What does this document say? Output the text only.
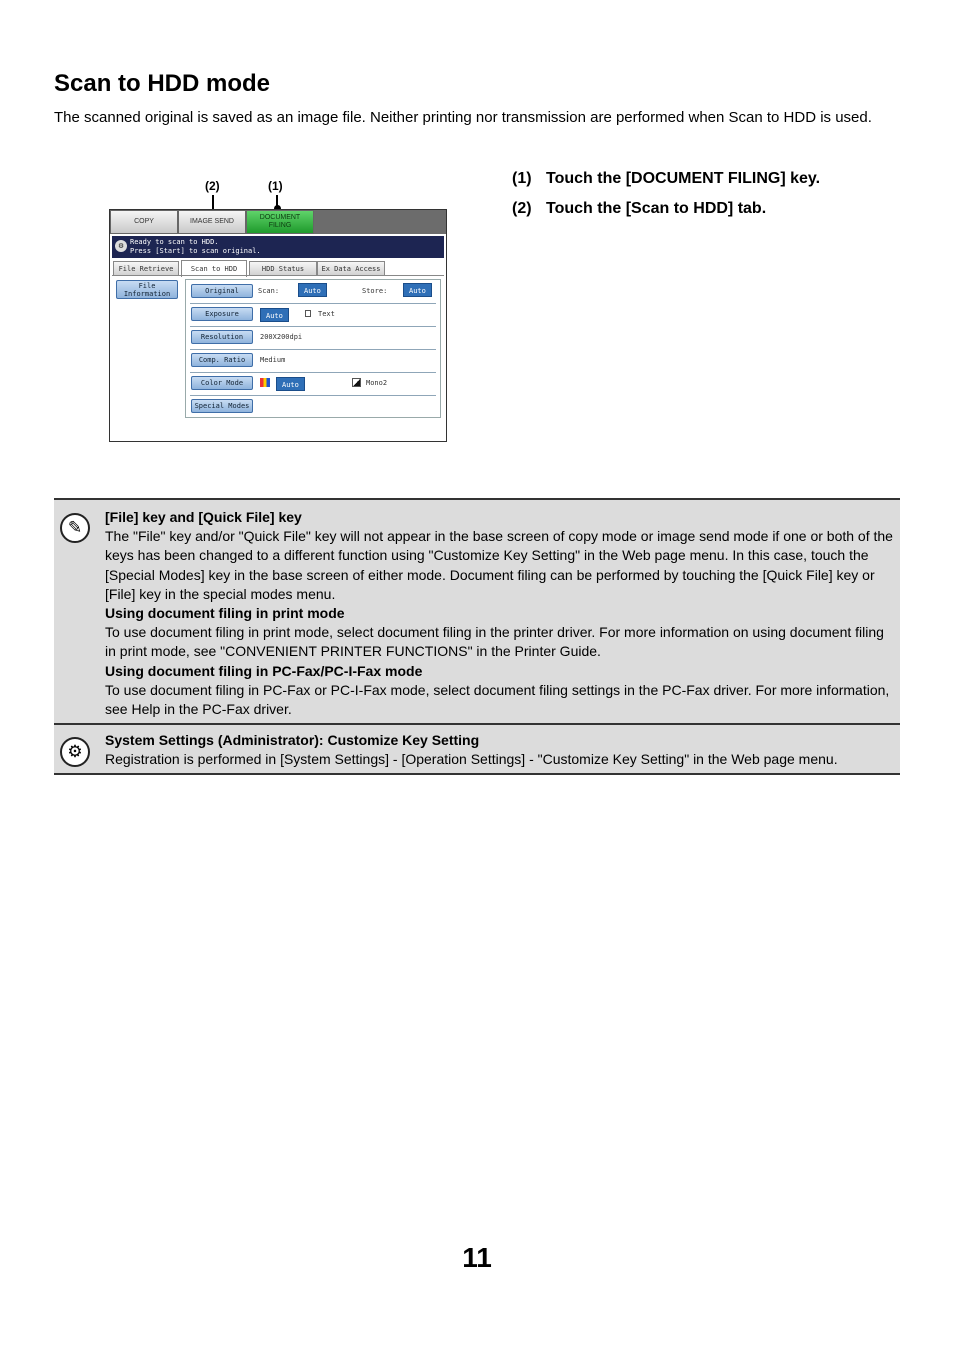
Scan to HDD mode

The scanned original is saved as an image file. Neither printing nor transmission are performed when Scan to HDD is used.

(2)	(1)
COPY	IMAGE SEND
DOCUMENT
FILING
⚙ Ready to scan to HDD.
Press [Start] to scan original.
File Retrieve	Scan to HDD	HDD Status	Ex Data Access
File
Information	Original	Scan:	Auto	Store:	Auto
Exposure	Auto	Text
Resolution	200X200dpi
Comp. Ratio	Medium
Color Mode	Auto	Mono2
Special Modes
(1) Touch the [DOCUMENT FILING] key.
(2) Touch the [Scan to HDD] tab.
✎
[File] key and [Quick File] key
The "File" key and/or "Quick File" key will not appear in the base screen of copy mode or image send mode if one or both of the keys has been changed to a different function using "Customize Key Setting" in the Web page menu. In this case, touch the [Special Modes] key in the base screen of either mode. Document filing can be performed by touching the [Quick File] key or [File] key in the special modes menu.
Using document filing in print mode
To use document filing in print mode, select document filing in the printer driver. For more information on using document filing in print mode, see "CONVENIENT PRINTER FUNCTIONS" in the Printer Guide.
Using document filing in PC-Fax/PC-I-Fax mode
To use document filing in PC-Fax or PC-I-Fax mode, select document filing settings in the PC-Fax driver. For more information, see Help in the PC-Fax driver.
⚙
System Settings (Administrator): Customize Key Setting
Registration is performed in [System Settings] - [Operation Settings] - "Customize Key Setting" in the Web page menu.
11
